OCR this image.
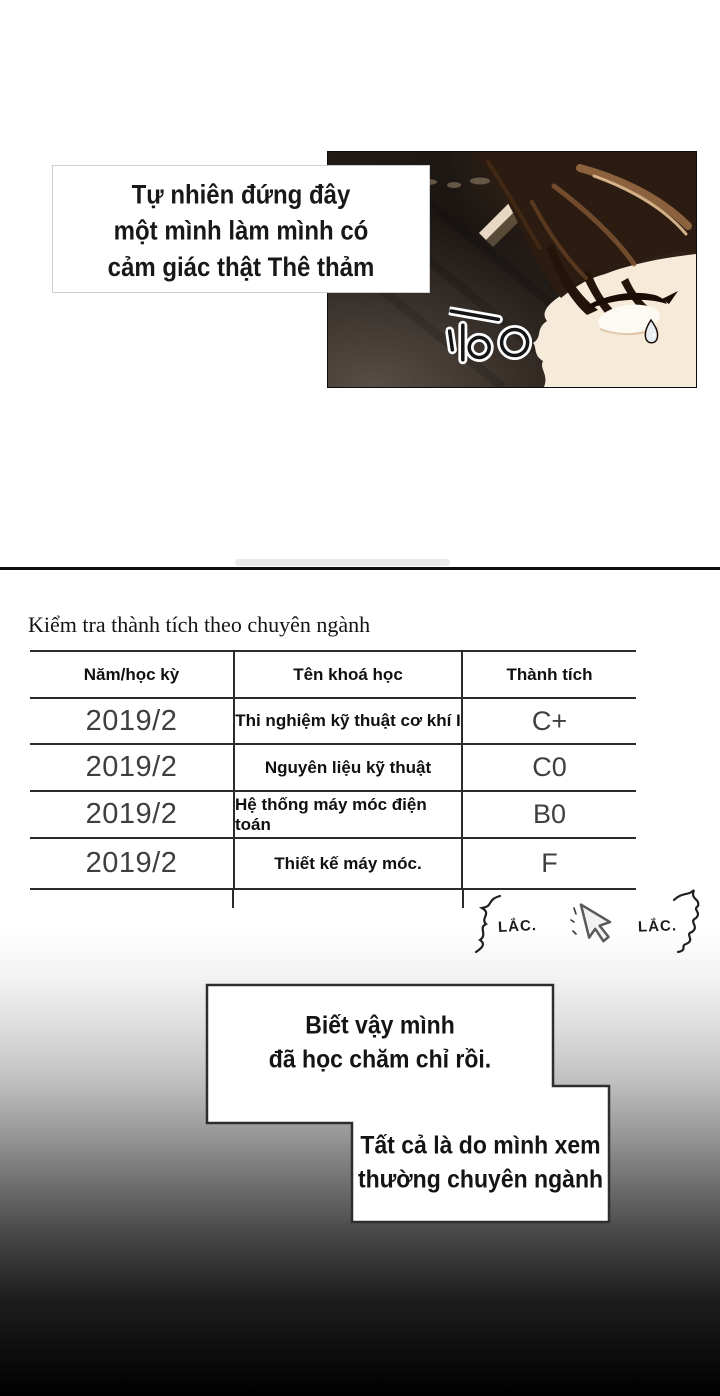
Tự nhiên đứng đây
một mình làm mình có
cảm giác thật Thê thảm
Kiểm tra thành tích theo chuyên ngành
Năm/học kỳ	Tên khoá học	Thành tích
2019/2	Thi nghiệm kỹ thuật cơ khí I	C+
2019/2	Nguyên liệu kỹ thuật	C0
2019/2	Hệ thống máy móc điện toán	B0
2019/2	Thiết kế máy móc.	F
LẮC.	LẮC.
Biết vậy mình
đã học chăm chỉ rồi.
Tất cả là do mình xem
thường chuyên ngành
